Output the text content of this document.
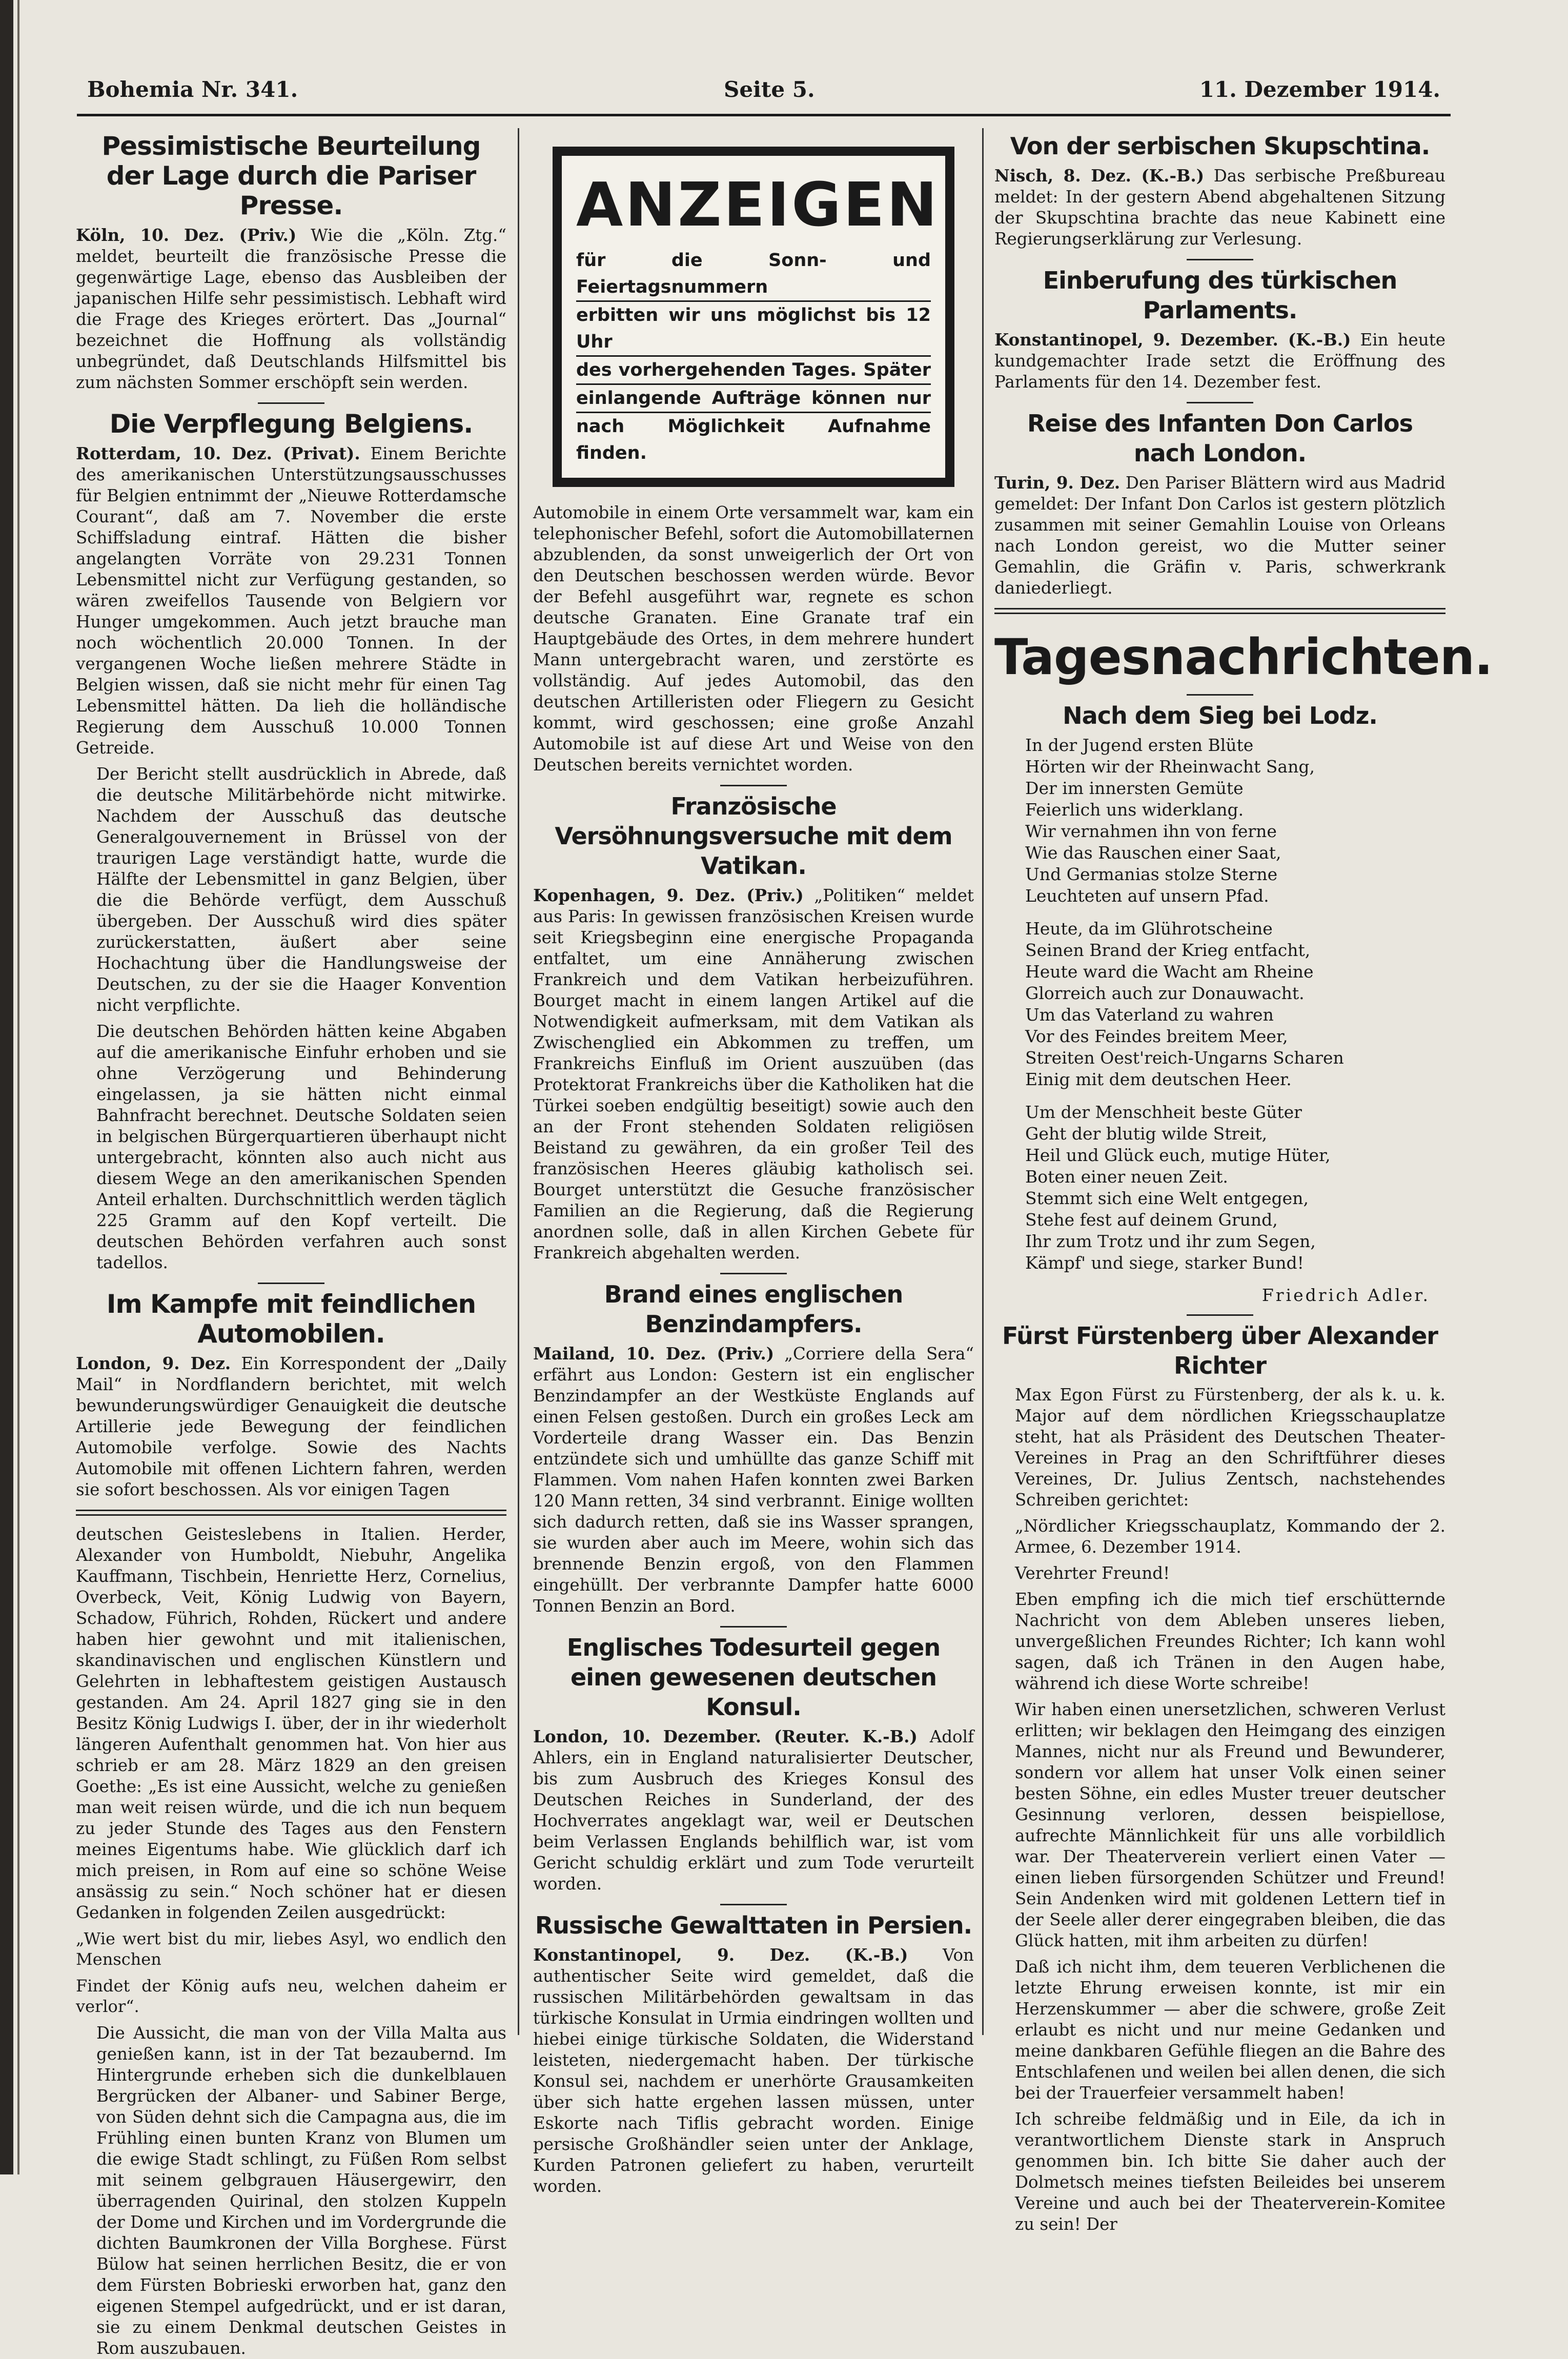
Bohemia Nr. 341.	Seite 5.	11. Dezember 1914.
Pessimistische Beurteilung der Lage durch die Pariser Presse.

Köln, 10. Dez. (Priv.) Wie die „Köln. Ztg.“ meldet, beurteilt die französische Presse die gegenwärtige Lage, ebenso das Ausbleiben der japanischen Hilfe sehr pessimistisch. Lebhaft wird die Frage des Krieges erörtert. Das „Journal“ bezeichnet die Hoffnung als vollständig unbegründet, daß Deutschlands Hilfsmittel bis zum nächsten Sommer erschöpft sein werden.

Die Verpflegung Belgiens.

Rotterdam, 10. Dez. (Privat). Einem Berichte des amerikanischen Unterstützungsausschusses für Belgien entnimmt der „Nieuwe Rotterdamsche Courant“, daß am 7. November die erste Schiffsladung eintraf. Hätten die bisher angelangten Vorräte von 29.231 Tonnen Lebensmittel nicht zur Verfügung gestanden, so wären zweifellos Tausende von Belgiern vor Hunger umgekommen. Auch jetzt brauche man noch wöchentlich 20.000 Tonnen. In der vergangenen Woche ließen mehrere Städte in Belgien wissen, daß sie nicht mehr für einen Tag Lebensmittel hätten. Da lieh die holländische Regierung dem Ausschuß 10.000 Tonnen Getreide.

Der Bericht stellt ausdrücklich in Abrede, daß die deutsche Militärbehörde nicht mitwirke. Nachdem der Ausschuß das deutsche Generalgouvernement in Brüssel von der traurigen Lage verständigt hatte, wurde die Hälfte der Lebensmittel in ganz Belgien, über die die Behörde verfügt, dem Ausschuß übergeben. Der Ausschuß wird dies später zurückerstatten, äußert aber seine Hochachtung über die Handlungsweise der Deutschen, zu der sie die Haager Konvention nicht verpflichte.

Die deutschen Behörden hätten keine Abgaben auf die amerikanische Einfuhr erhoben und sie ohne Verzögerung und Behinderung eingelassen, ja sie hätten nicht einmal Bahnfracht berechnet. Deutsche Soldaten seien in belgischen Bürgerquartieren überhaupt nicht untergebracht, könnten also auch nicht aus diesem Wege an den amerikanischen Spenden Anteil erhalten. Durchschnittlich werden täglich 225 Gramm auf den Kopf verteilt. Die deutschen Behörden verfahren auch sonst tadellos.

Im Kampfe mit feindlichen Automobilen.

London, 9. Dez. Ein Korrespondent der „Daily Mail“ in Nordflandern berichtet, mit welch bewunderungswürdiger Genauigkeit die deutsche Artillerie jede Bewegung der feindlichen Automobile verfolge. Sowie des Nachts Automobile mit offenen Lichtern fahren, werden sie sofort beschossen. Als vor einigen Tagen

deutschen Geisteslebens in Italien. Herder, Alexander von Humboldt, Niebuhr, Angelika Kauffmann, Tischbein, Henriette Herz, Cornelius, Overbeck, Veit, König Ludwig von Bayern, Schadow, Führich, Rohden, Rückert und andere haben hier gewohnt und mit italienischen, skandinavischen und englischen Künstlern und Gelehrten in lebhaftestem geistigen Austausch gestanden. Am 24. April 1827 ging sie in den Besitz König Ludwigs I. über, der in ihr wiederholt längeren Aufenthalt genommen hat. Von hier aus schrieb er am 28. März 1829 an den greisen Goethe: „Es ist eine Aussicht, welche zu genießen man weit reisen würde, und die ich nun bequem zu jeder Stunde des Tages aus den Fenstern meines Eigentums habe. Wie glücklich darf ich mich preisen, in Rom auf eine so schöne Weise ansässig zu sein.“ Noch schöner hat er diesen Gedanken in folgenden Zeilen ausgedrückt:

„Wie wert bist du mir, liebes Asyl, wo endlich den Menschen

Findet der König aufs neu, welchen daheim er verlor“.

Die Aussicht, die man von der Villa Malta aus genießen kann, ist in der Tat bezaubernd. Im Hintergrunde erheben sich die dunkelblauen Bergrücken der Albaner- und Sabiner Berge, von Süden dehnt sich die Campagna aus, die im Frühling einen bunten Kranz von Blumen um die ewige Stadt schlingt, zu Füßen Rom selbst mit seinem gelbgrauen Häusergewirr, den überragenden Quirinal, den stolzen Kuppeln der Dome und Kirchen und im Vordergrunde die dichten Baumkronen der Villa Borghese. Fürst Bülow hat seinen herrlichen Besitz, die er von dem Fürsten Bobrieski erworben hat, ganz den eigenen Stempel aufgedrückt, und er ist daran, sie zu einem Denkmal deutschen Geistes in Rom auszubauen.

ANZEIGEN
für die Sonn- und Feiertagsnummern
erbitten wir uns möglichst bis 12 Uhr
des vorhergehenden Tages. Später
einlangende Aufträge können nur
nach Möglichkeit Aufnahme finden.

Automobile in einem Orte versammelt war, kam ein telephonischer Befehl, sofort die Automobillaternen abzublenden, da sonst unweigerlich der Ort von den Deutschen beschossen werden würde. Bevor der Befehl ausgeführt war, regnete es schon deutsche Granaten. Eine Granate traf ein Hauptgebäude des Ortes, in dem mehrere hundert Mann untergebracht waren, und zerstörte es vollständig. Auf jedes Automobil, das den deutschen Artilleristen oder Fliegern zu Gesicht kommt, wird geschossen; eine große Anzahl Automobile ist auf diese Art und Weise von den Deutschen bereits vernichtet worden.

Französische Versöhnungsversuche mit dem Vatikan.

Kopenhagen, 9. Dez. (Priv.) „Politiken“ meldet aus Paris: In gewissen französischen Kreisen wurde seit Kriegsbeginn eine energische Propaganda entfaltet, um eine Annäherung zwischen Frankreich und dem Vatikan herbeizuführen. Bourget macht in einem langen Artikel auf die Notwendigkeit aufmerksam, mit dem Vatikan als Zwischenglied ein Abkommen zu treffen, um Frankreichs Einfluß im Orient auszuüben (das Protektorat Frankreichs über die Katholiken hat die Türkei soeben endgültig beseitigt) sowie auch den an der Front stehenden Soldaten religiösen Beistand zu gewähren, da ein großer Teil des französischen Heeres gläubig katholisch sei. Bourget unterstützt die Gesuche französischer Familien an die Regierung, daß die Regierung anordnen solle, daß in allen Kirchen Gebete für Frankreich abgehalten werden.

Brand eines englischen Benzindampfers.

Mailand, 10. Dez. (Priv.) „Corriere della Sera“ erfährt aus London: Gestern ist ein englischer Benzindampfer an der Westküste Englands auf einen Felsen gestoßen. Durch ein großes Leck am Vorderteile drang Wasser ein. Das Benzin entzündete sich und umhüllte das ganze Schiff mit Flammen. Vom nahen Hafen konnten zwei Barken 120 Mann retten, 34 sind verbrannt. Einige wollten sich dadurch retten, daß sie ins Wasser sprangen, sie wurden aber auch im Meere, wohin sich das brennende Benzin ergoß, von den Flammen eingehüllt. Der verbrannte Dampfer hatte 6000 Tonnen Benzin an Bord.

Englisches Todesurteil gegen einen gewesenen deutschen Konsul.

London, 10. Dezember. (Reuter. K.-B.) Adolf Ahlers, ein in England naturalisierter Deutscher, bis zum Ausbruch des Krieges Konsul des Deutschen Reiches in Sunderland, der des Hochverrates angeklagt war, weil er Deutschen beim Verlassen Englands behilflich war, ist vom Gericht schuldig erklärt und zum Tode verurteilt worden.

Russische Gewalttaten in Persien.

Konstantinopel, 9. Dez. (K.-B.) Von authentischer Seite wird gemeldet, daß die russischen Militärbehörden gewaltsam in das türkische Konsulat in Urmia eindringen wollten und hiebei einige türkische Soldaten, die Widerstand leisteten, niedergemacht haben. Der türkische Konsul sei, nachdem er unerhörte Grausamkeiten über sich hatte ergehen lassen müssen, unter Eskorte nach Tiflis gebracht worden. Einige persische Großhändler seien unter der Anklage, Kurden Patronen geliefert zu haben, verurteilt worden.

Von der serbischen Skupschtina.

Nisch, 8. Dez. (K.-B.) Das serbische Preßbureau meldet: In der gestern Abend abgehaltenen Sitzung der Skupschtina brachte das neue Kabinett eine Regierungserklärung zur Verlesung.

Einberufung des türkischen Parlaments.

Konstantinopel, 9. Dezember. (K.-B.) Ein heute kundgemachter Irade setzt die Eröffnung des Parlaments für den 14. Dezember fest.

Reise des Infanten Don Carlos nach London.

Turin, 9. Dez. Den Pariser Blättern wird aus Madrid gemeldet: Der Infant Don Carlos ist gestern plötzlich zusammen mit seiner Gemahlin Louise von Orleans nach London gereist, wo die Mutter seiner Gemahlin, die Gräfin v. Paris, schwerkrank daniederliegt.

Tagesnachrichten.
Nach dem Sieg bei Lodz.
In der Jugend ersten Blüte
Hörten wir der Rheinwacht Sang,
Der im innersten Gemüte
Feierlich uns widerklang.
Wir vernahmen ihn von ferne
Wie das Rauschen einer Saat,
Und Germanias stolze Sterne
Leuchteten auf unsern Pfad.
Heute, da im Glührotscheine
Seinen Brand der Krieg entfacht,
Heute ward die Wacht am Rheine
Glorreich auch zur Donauwacht.
Um das Vaterland zu wahren
Vor des Feindes breitem Meer,
Streiten Oest'reich-Ungarns Scharen
Einig mit dem deutschen Heer.
Um der Menschheit beste Güter
Geht der blutig wilde Streit,
Heil und Glück euch, mutige Hüter,
Boten einer neuen Zeit.
Stemmt sich eine Welt entgegen,
Stehe fest auf deinem Grund,
Ihr zum Trotz und ihr zum Segen,
Kämpf' und siege, starker Bund!
Friedrich Adler.
Fürst Fürstenberg über Alexander Richter

Max Egon Fürst zu Fürstenberg, der als k. u. k. Major auf dem nördlichen Kriegsschauplatze steht, hat als Präsident des Deutschen Theater-Vereines in Prag an den Schriftführer dieses Vereines, Dr. Julius Zentsch, nachstehendes Schreiben gerichtet:

„Nördlicher Kriegsschauplatz, Kommando der 2. Armee, 6. Dezember 1914.

Verehrter Freund!

Eben empfing ich die mich tief erschütternde Nachricht von dem Ableben unseres lieben, unvergeßlichen Freundes Richter; Ich kann wohl sagen, daß ich Tränen in den Augen habe, während ich diese Worte schreibe!

Wir haben einen unersetzlichen, schweren Verlust erlitten; wir beklagen den Heimgang des einzigen Mannes, nicht nur als Freund und Bewunderer, sondern vor allem hat unser Volk einen seiner besten Söhne, ein edles Muster treuer deutscher Gesinnung verloren, dessen beispiellose, aufrechte Männlichkeit für uns alle vorbildlich war. Der Theaterverein verliert einen Vater — einen lieben fürsorgenden Schützer und Freund! Sein Andenken wird mit goldenen Lettern tief in der Seele aller derer eingegraben bleiben, die das Glück hatten, mit ihm arbeiten zu dürfen!

Daß ich nicht ihm, dem teueren Verblichenen die letzte Ehrung erweisen konnte, ist mir ein Herzenskummer — aber die schwere, große Zeit erlaubt es nicht und nur meine Gedanken und meine dankbaren Gefühle fliegen an die Bahre des Entschlafenen und weilen bei allen denen, die sich bei der Trauerfeier versammelt haben!

Ich schreibe feldmäßig und in Eile, da ich in verantwortlichem Dienste stark in Anspruch genommen bin. Ich bitte Sie daher auch der Dolmetsch meines tiefsten Beileides bei unserem Vereine und auch bei der Theaterverein-Komitee zu sein! Der
